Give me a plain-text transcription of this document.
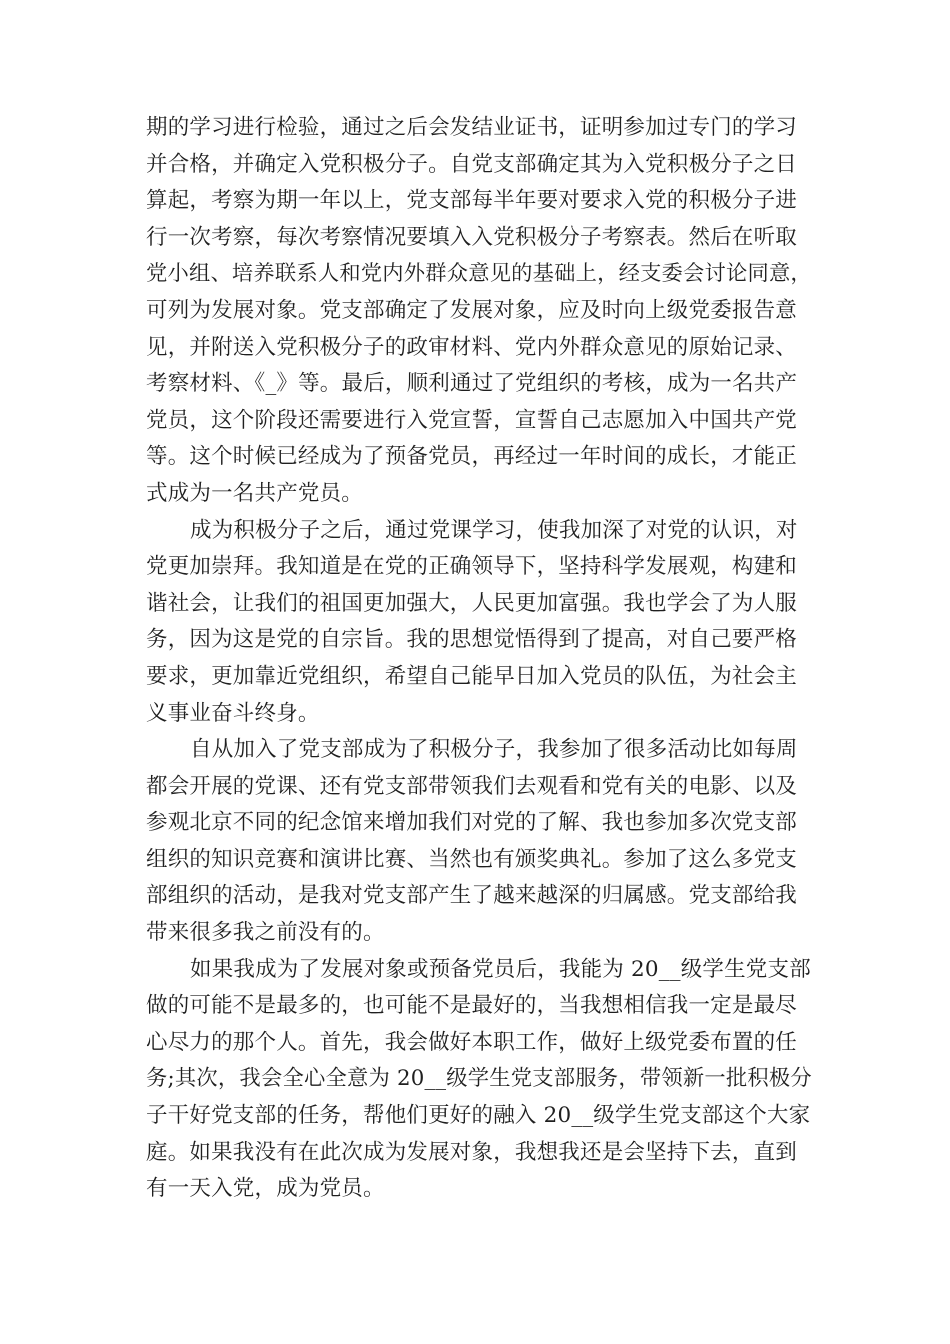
期的学习进行检验，通过之后会发结业证书，证明参加过专门的学习
并合格，并确定入党积极分子。自党支部确定其为入党积极分子之日
算起，考察为期一年以上，党支部每半年要对要求入党的积极分子进
行一次考察，每次考察情况要填入入党积极分子考察表。然后在听取
党小组、培养联系人和党内外群众意见的基础上，经支委会讨论同意，
可列为发展对象。党支部确定了发展对象，应及时向上级党委报告意
见，并附送入党积极分子的政审材料、党内外群众意见的原始记录、
考察材料、《_》等。最后，顺利通过了党组织的考核，成为一名共产
党员，这个阶段还需要进行入党宣誓，宣誓自己志愿加入中国共产党
等。这个时候已经成为了预备党员，再经过一年时间的成长，才能正
式成为一名共产党员。
成为积极分子之后，通过党课学习，使我加深了对党的认识，对
党更加崇拜。我知道是在党的正确领导下，坚持科学发展观，构建和
谐社会，让我们的祖国更加强大，人民更加富强。我也学会了为人服
务，因为这是党的自宗旨。我的思想觉悟得到了提高，对自己要严格
要求，更加靠近党组织，希望自己能早日加入党员的队伍，为社会主
义事业奋斗终身。
自从加入了党支部成为了积极分子，我参加了很多活动比如每周
都会开展的党课、还有党支部带领我们去观看和党有关的电影、以及
参观北京不同的纪念馆来增加我们对党的了解、我也参加多次党支部
组织的知识竞赛和演讲比赛、当然也有颁奖典礼。参加了这么多党支
部组织的活动，是我对党支部产生了越来越深的归属感。党支部给我
带来很多我之前没有的。
如果我成为了发展对象或预备党员后，我能为 20__级学生党支部
做的可能不是最多的，也可能不是最好的，当我想相信我一定是最尽
心尽力的那个人。首先，我会做好本职工作，做好上级党委布置的任
务;其次，我会全心全意为 20__级学生党支部服务，带领新一批积极分
子干好党支部的任务，帮他们更好的融入 20__级学生党支部这个大家
庭。如果我没有在此次成为发展对象，我想我还是会坚持下去，直到
有一天入党，成为党员。
